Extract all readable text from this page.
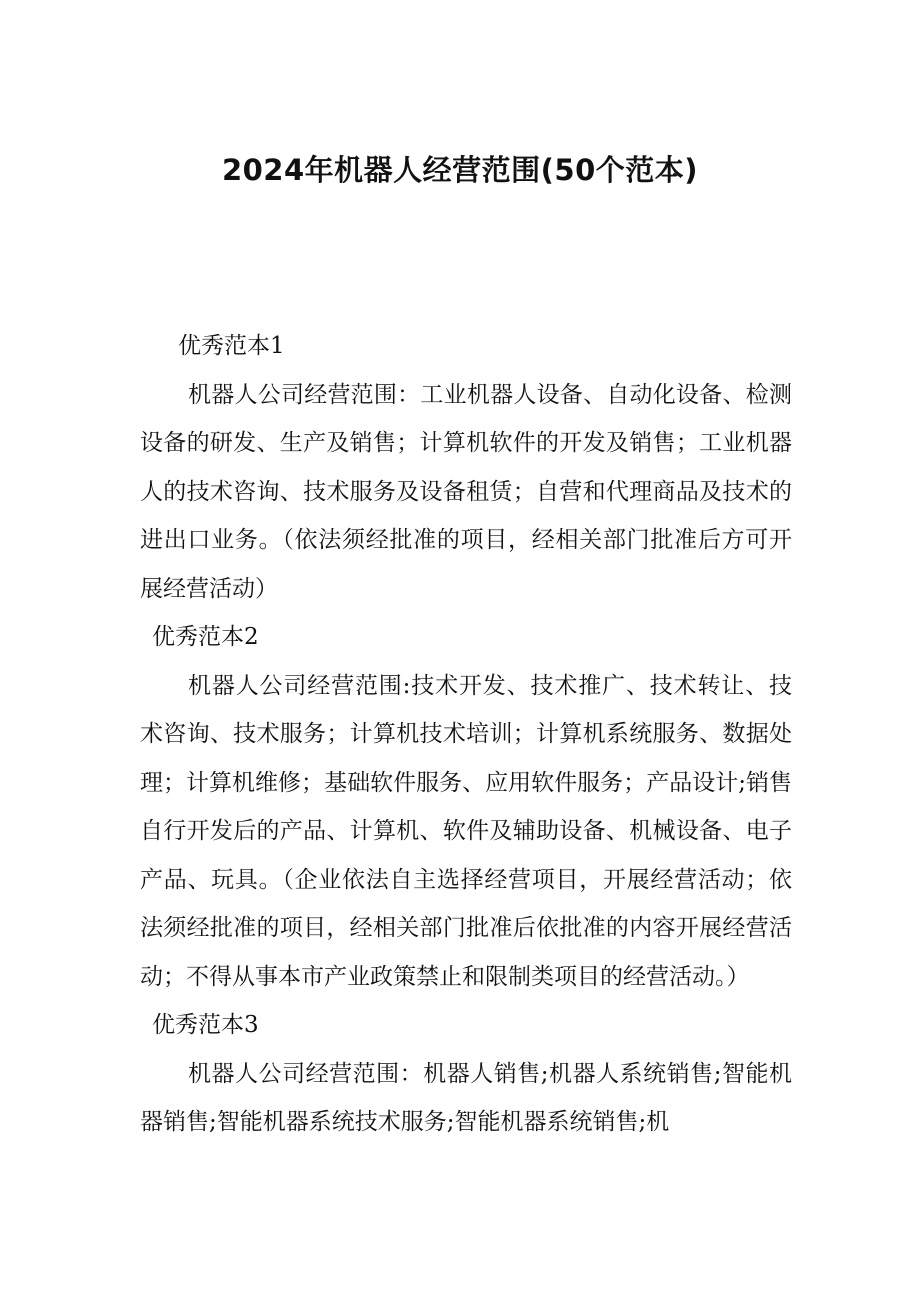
2024年机器人经营范围(50个范本)
优秀范本1

机器人公司经营范围：工业机器人设备、自动化设备、检测设备的研发、生产及销售；计算机软件的开发及销售；工业机器人的技术咨询、技术服务及设备租赁；自营和代理商品及技术的进出口业务。（依法须经批准的项目，经相关部门批准后方可开展经营活动）

优秀范本2

机器人公司经营范围:技术开发、技术推广、技术转让、技术咨询、技术服务；计算机技术培训；计算机系统服务、数据处理；计算机维修；基础软件服务、应用软件服务；产品设计;销售自行开发后的产品、计算机、软件及辅助设备、机械设备、电子产品、玩具。（企业依法自主选择经营项目，开展经营活动；依法须经批准的项目，经相关部门批准后依批准的内容开展经营活动；不得从事本市产业政策禁止和限制类项目的经营活动。）

优秀范本3

机器人公司经营范围：机器人销售;机器人系统销售;智能机器销售;智能机器系统技术服务;智能机器系统销售;机
